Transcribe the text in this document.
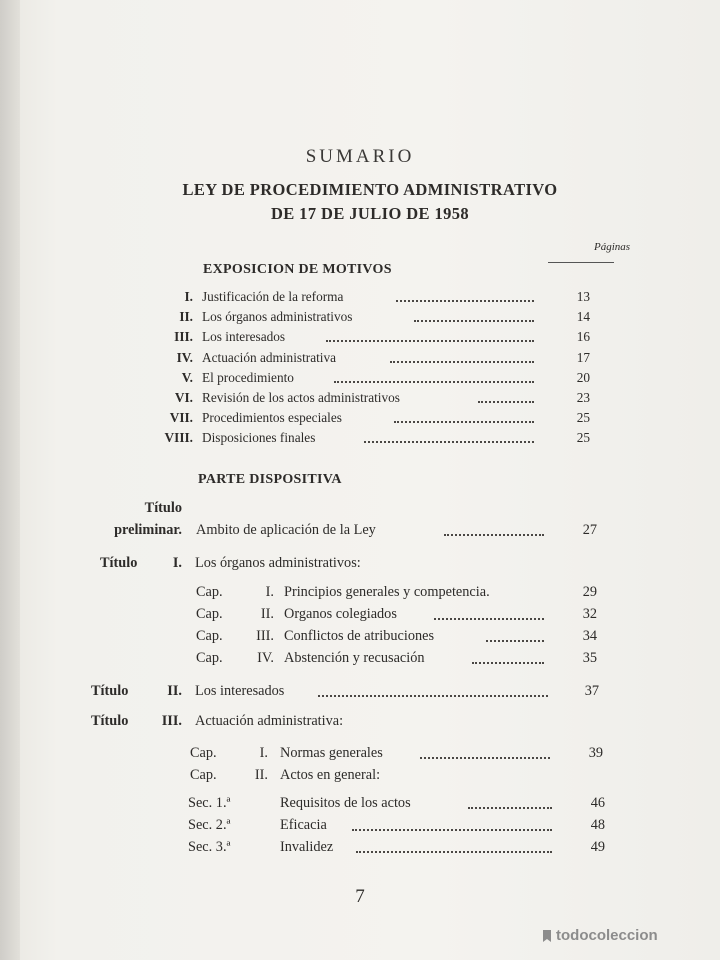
SUMARIO
LEY DE PROCEDIMIENTO ADMINISTRATIVO
DE 17 DE JULIO DE 1958
Páginas
EXPOSICION DE MOTIVOS
I. Justificación de la reforma	13
II. Los órganos administrativos	14
III. Los interesados	16
IV. Actuación administrativa	17
V. El procedimiento	20
VI. Revisión de los actos administrativos	23
VII. Procedimientos especiales	25
VIII. Disposiciones finales	25
PARTE DISPOSITIVA
Título
preliminar. Ambito de aplicación de la Ley	27
Título	I. Los órganos administrativos:
Cap.	I. Principios generales y competencia.	29
Cap.	II. Organos colegiados	32
Cap.	III. Conflictos de atribuciones	34
Cap.	IV. Abstención y recusación	35
Título	II. Los interesados	37
Título	III. Actuación administrativa:
Cap.	I. Normas generales	39
Cap.	II. Actos en general:
Sec. 1.ª	Requisitos de los actos	46
Sec. 2.ª	Eficacia	48
Sec. 3.ª	Invalidez	49
7
todocoleccion
